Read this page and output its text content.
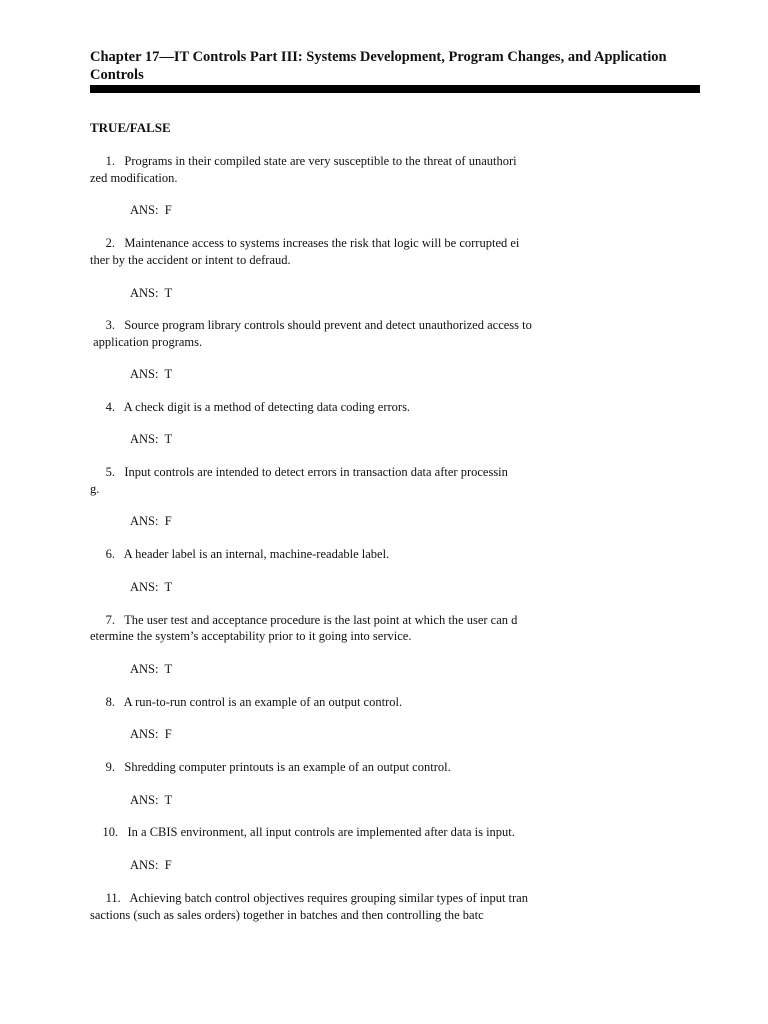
Chapter 17—IT Controls Part III: Systems Development, Program Changes, and Application Controls
TRUE/FALSE
1.   Programs in their compiled state are very susceptible to the threat of unauthori
zed modification.
ANS:  F
2.   Maintenance access to systems increases the risk that logic will be corrupted ei
ther by the accident or intent to defraud.
ANS:  T
3.   Source program library controls should prevent and detect unauthorized access to
application programs.
ANS:  T
4.   A check digit is a method of detecting data coding errors.
ANS:  T
5.   Input controls are intended to detect errors in transaction data after processin
g.
ANS:  F
6.   A header label is an internal, machine-readable label.
ANS:  T
7.   The user test and acceptance procedure is the last point at which the user can d
etermine the system’s acceptability prior to it going into service.
ANS:  T
8.   A run-to-run control is an example of an output control.
ANS:  F
9.   Shredding computer printouts is an example of an output control.
ANS:  T
10.   In a CBIS environment, all input controls are implemented after data is input.
ANS:  F
11.   Achieving batch control objectives requires grouping similar types of input tran
sactions (such as sales orders) together in batches and then controlling the batc
